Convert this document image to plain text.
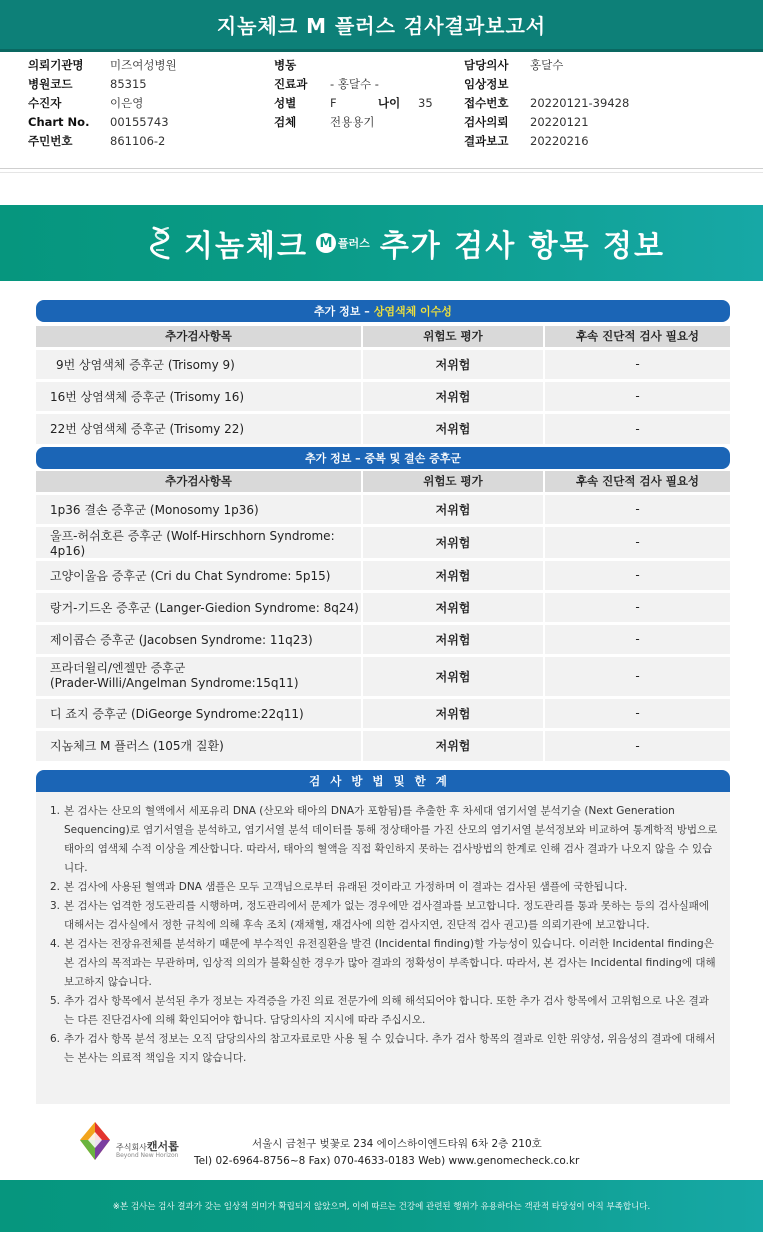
지놈체크 M 플러스 검사결과보고서
의뢰기관명	미즈여성병원
병원코드	85315
수진자	이은영
Chart No.	00155743
주민번호	861106-2
병동
진료과	- 홍달수 -
성별	F	나이	35
검체	전용용기
담당의사	홍달수
임상정보
접수번호	20220121-39428
검사의뢰	20220121
결과보고	20220216
지놈체크 M 플러스 추가 검사 항목 정보
추가 정보 – 상염색체 이수성
추가검사항목	위험도 평가	후속 진단적 검사 필요성
9번 상염색체 증후군 (Trisomy 9)	저위험	-
16번 상염색체 증후군 (Trisomy 16)	저위험	-
22번 상염색체 증후군 (Trisomy 22)	저위험	-
추가 정보 – 중복 및 결손 증후군
추가검사항목	위험도 평가	후속 진단적 검사 필요성
1p36 결손 증후군 (Monosomy 1p36)	저위험	-
울프-허쉬호른 증후군 (Wolf-Hirschhorn Syndrome: 4p16)	저위험	-
고양이울음 증후군 (Cri du Chat Syndrome: 5p15)	저위험	-
랑거-기드온 증후군 (Langer-Giedion Syndrome: 8q24)	저위험	-
제이콥슨 증후군 (Jacobsen Syndrome: 11q23)	저위험	-

프라더윌리/엔젤만 증후군
(Prader-Willi/Angelman Syndrome:15q11)	저위험	-
디 죠지 증후군 (DiGeorge Syndrome:22q11)	저위험	-
지놈체크 M 플러스 (105개 질환)	저위험	-
검사방법및한계
1. 본 검사는 산모의 혈액에서 세포유리 DNA (산모와 태아의 DNA가 포함됨)를 추출한 후 차세대 염기서열 분석기술 (Next Generation Sequencing)로 염기서열을 분석하고, 염기서열 분석 데이터를 통해 정상태아를 가진 산모의 염기서열 분석정보와 비교하여 통계학적 방법으로 태아의 염색체 수적 이상을 계산합니다. 따라서, 태아의 혈액을 직접 확인하지 못하는 검사방법의 한계로 인해 검사 결과가 나오지 않을 수 있습니다.
2. 본 검사에 사용된 혈액과 DNA 샘플은 모두 고객님으로부터 유래된 것이라고 가정하며 이 결과는 검사된 샘플에 국한됩니다.
3. 본 검사는 엄격한 정도관리를 시행하며, 정도관리에서 문제가 없는 경우에만 검사결과를 보고합니다. 정도관리를 통과 못하는 등의 검사실패에 대해서는 검사실에서 정한 규칙에 의해 후속 조치 (재채혈, 재검사에 의한 검사지연, 진단적 검사 권고)를 의뢰기관에 보고합니다.
4. 본 검사는 전장유전체를 분석하기 때문에 부수적인 유전질환을 발견 (Incidental finding)할 가능성이 있습니다. 이러한 Incidental finding은 본 검사의 목적과는 무관하며, 임상적 의의가 불확실한 경우가 많아 결과의 정확성이 부족합니다. 따라서, 본 검사는 Incidental finding에 대해 보고하지 않습니다.
5. 추가 검사 항목에서 분석된 추가 정보는 자격증을 가진 의료 전문가에 의해 해석되어야 합니다. 또한 추가 검사 항목에서 고위험으로 나온 결과는 다른 진단검사에 의해 확인되어야 합니다. 담당의사의 지시에 따라 주십시오.
6. 추가 검사 항목 분석 정보는 오직 담당의사의 참고자료로만 사용 될 수 있습니다. 추가 검사 항목의 결과로 인한 위양성, 위음성의 결과에 대해서는 본사는 의료적 책임을 지지 않습니다.
주식회사캔서롭
Beyond New Horizon
서울시 금천구 벚꽃로 234 에이스하이엔드타워 6차 2층 210호
Tel) 02-6964-8756~8 Fax) 070-4633-0183 Web) www.genomecheck.co.kr
※본 검사는 검사 결과가 갖는 임상적 의미가 확립되지 않았으며, 이에 따르는 건강에 관련된 행위가 유용하다는 객관적 타당성이 아직 부족합니다.
